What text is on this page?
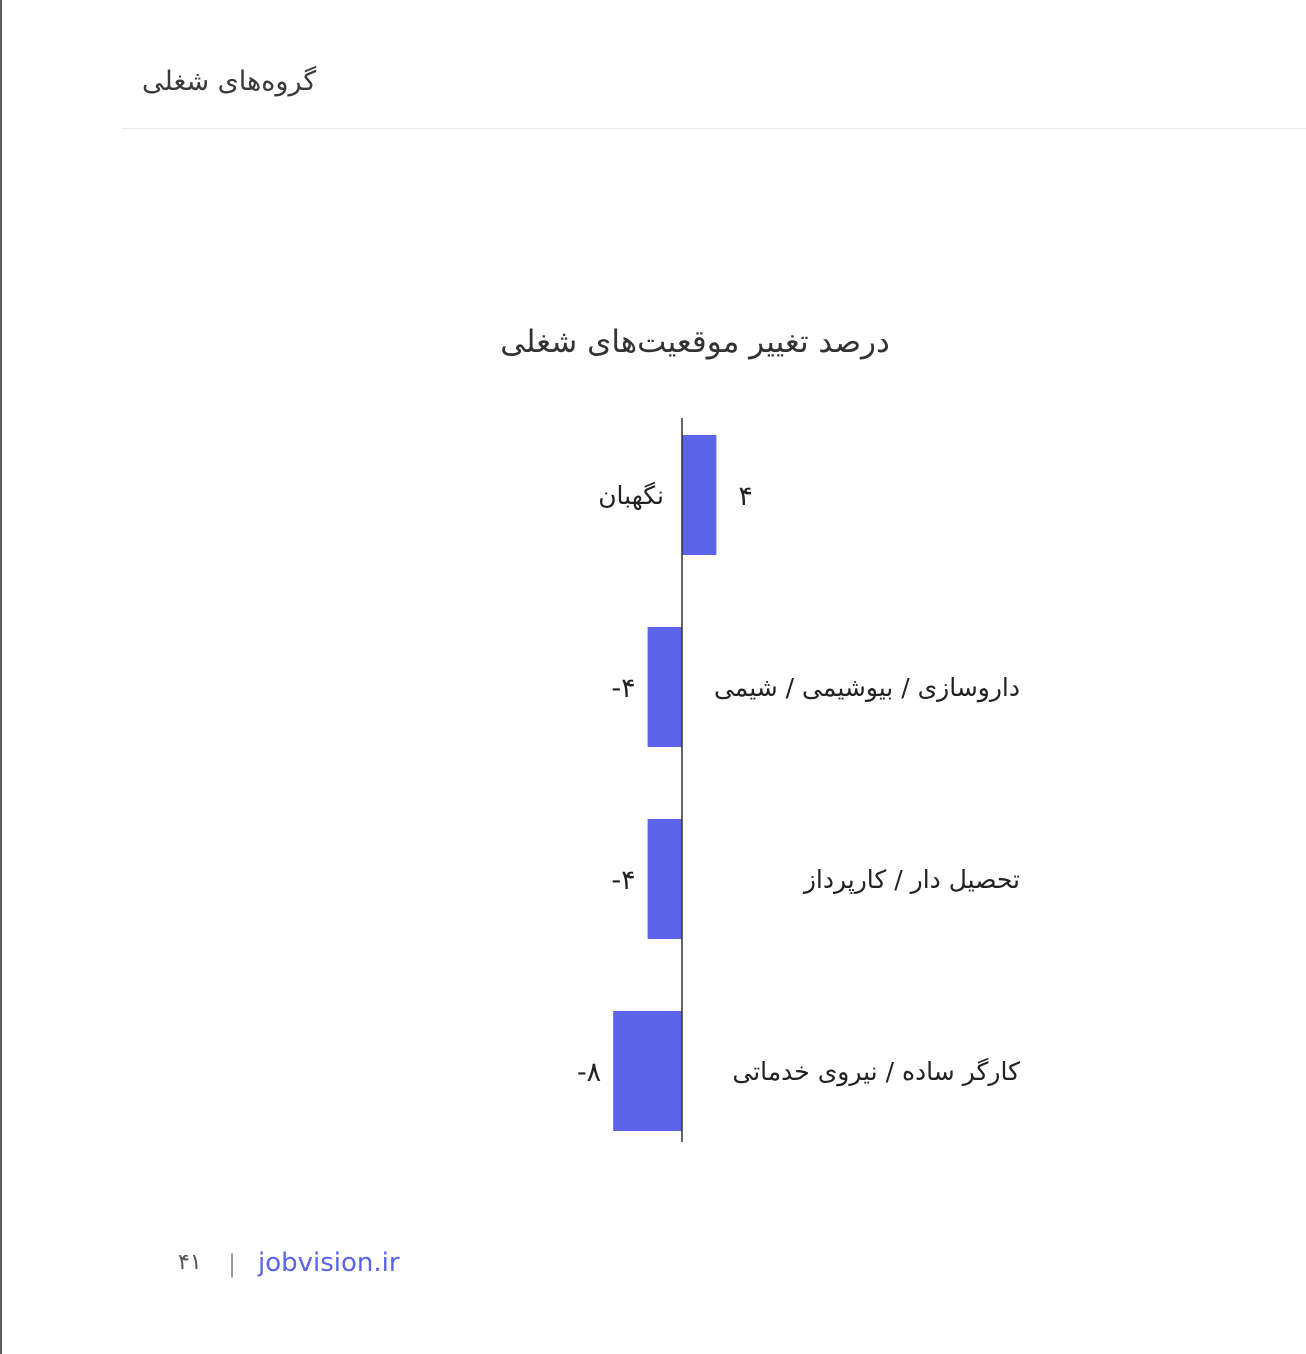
گروه‌های شغلی
درصد تغییر موقعیت‌های شغلی
۴
نگهبان
-۴	داروسازی / بیوشیمی / شیمی
-۴	تحصیل دار / کارپرداز
-۸	کارگر ساده / نیروی خدماتی
۴۱ | jobvision.ir
